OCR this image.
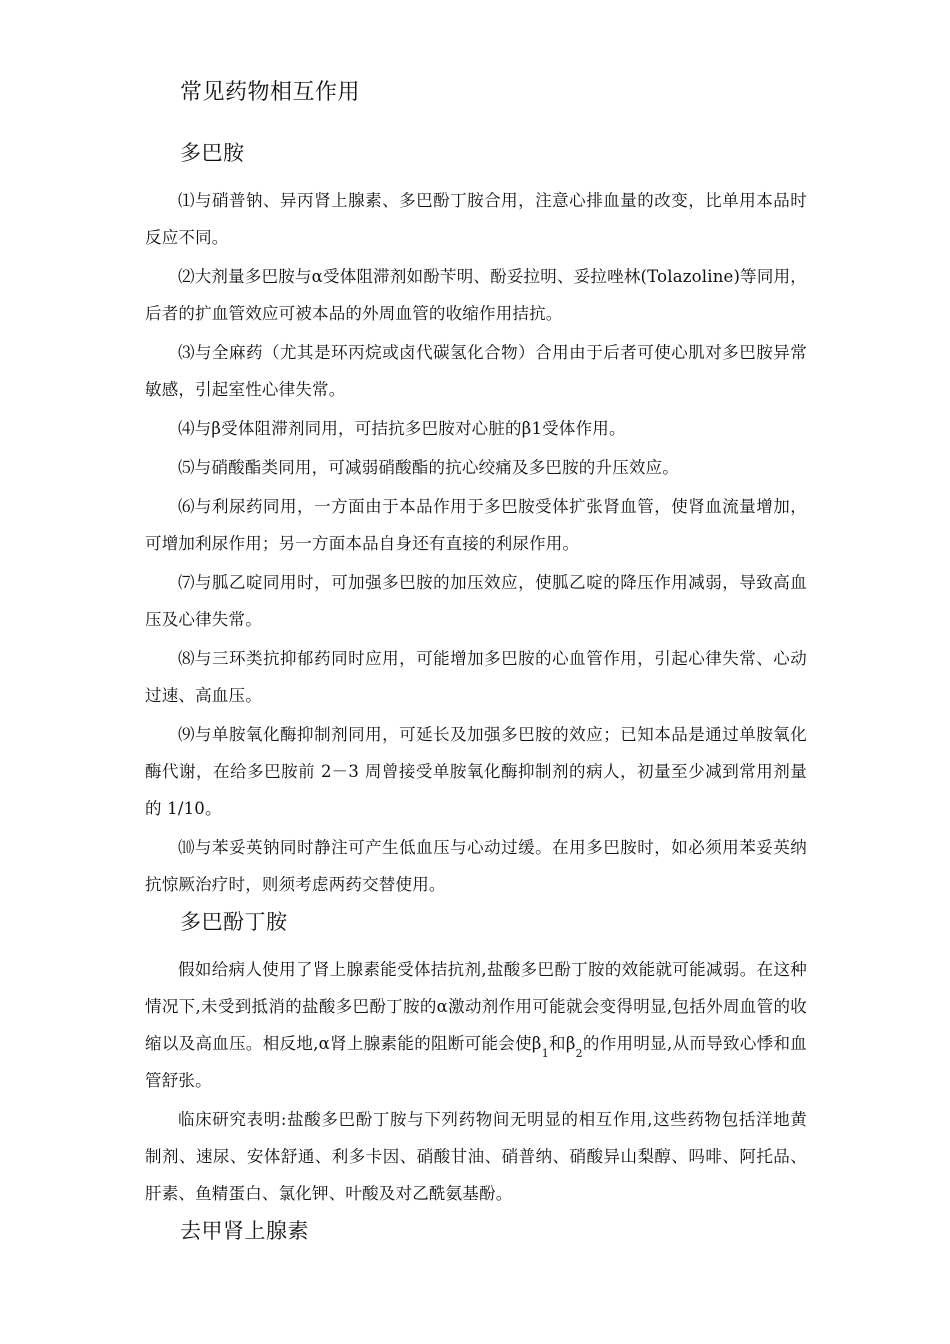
常见药物相互作用
多巴胺

⑴与硝普钠、异丙肾上腺素、多巴酚丁胺合用，注意心排血量的改变，比单用本品时反应不同。

⑵大剂量多巴胺与α受体阻滞剂如酚苄明、酚妥拉明、妥拉唑林(Tolazoline)等同用，后者的扩血管效应可被本品的外周血管的收缩作用拮抗。

⑶与全麻药（尤其是环丙烷或卤代碳氢化合物）合用由于后者可使心肌对多巴胺异常敏感，引起室性心律失常。

⑷与β受体阻滞剂同用，可拮抗多巴胺对心脏的β1受体作用。

⑸与硝酸酯类同用，可减弱硝酸酯的抗心绞痛及多巴胺的升压效应。

⑹与利尿药同用，一方面由于本品作用于多巴胺受体扩张肾血管，使肾血流量增加，可增加利尿作用；另一方面本品自身还有直接的利尿作用。

⑺与胍乙啶同用时，可加强多巴胺的加压效应，使胍乙啶的降压作用减弱，导致高血压及心律失常。

⑻与三环类抗抑郁药同时应用，可能增加多巴胺的心血管作用，引起心律失常、心动过速、高血压。

⑼与单胺氧化酶抑制剂同用，可延长及加强多巴胺的效应；已知本品是通过单胺氧化酶代谢，在给多巴胺前 2－3 周曾接受单胺氧化酶抑制剂的病人，初量至少减到常用剂量的 1/10。

⑽与苯妥英钠同时静注可产生低血压与心动过缓。在用多巴胺时，如必须用苯妥英纳抗惊厥治疗时，则须考虑两药交替使用。

多巴酚丁胺

假如给病人使用了肾上腺素能受体拮抗剂,盐酸多巴酚丁胺的效能就可能减弱。在这种情况下,未受到抵消的盐酸多巴酚丁胺的α激动剂作用可能就会变得明显,包括外周血管的收缩以及高血压。相反地,α肾上腺素能的阻断可能会使$\beta_1$和$\beta_2$的作用明显,从而导致心悸和血管舒张。

临床研究表明:盐酸多巴酚丁胺与下列药物间无明显的相互作用,这些药物包括洋地黄制剂、速尿、安体舒通、利多卡因、硝酸甘油、硝普纳、硝酸异山梨醇、吗啡、阿托品、肝素、鱼精蛋白、氯化钾、叶酸及对乙酰氨基酚。

去甲肾上腺素
